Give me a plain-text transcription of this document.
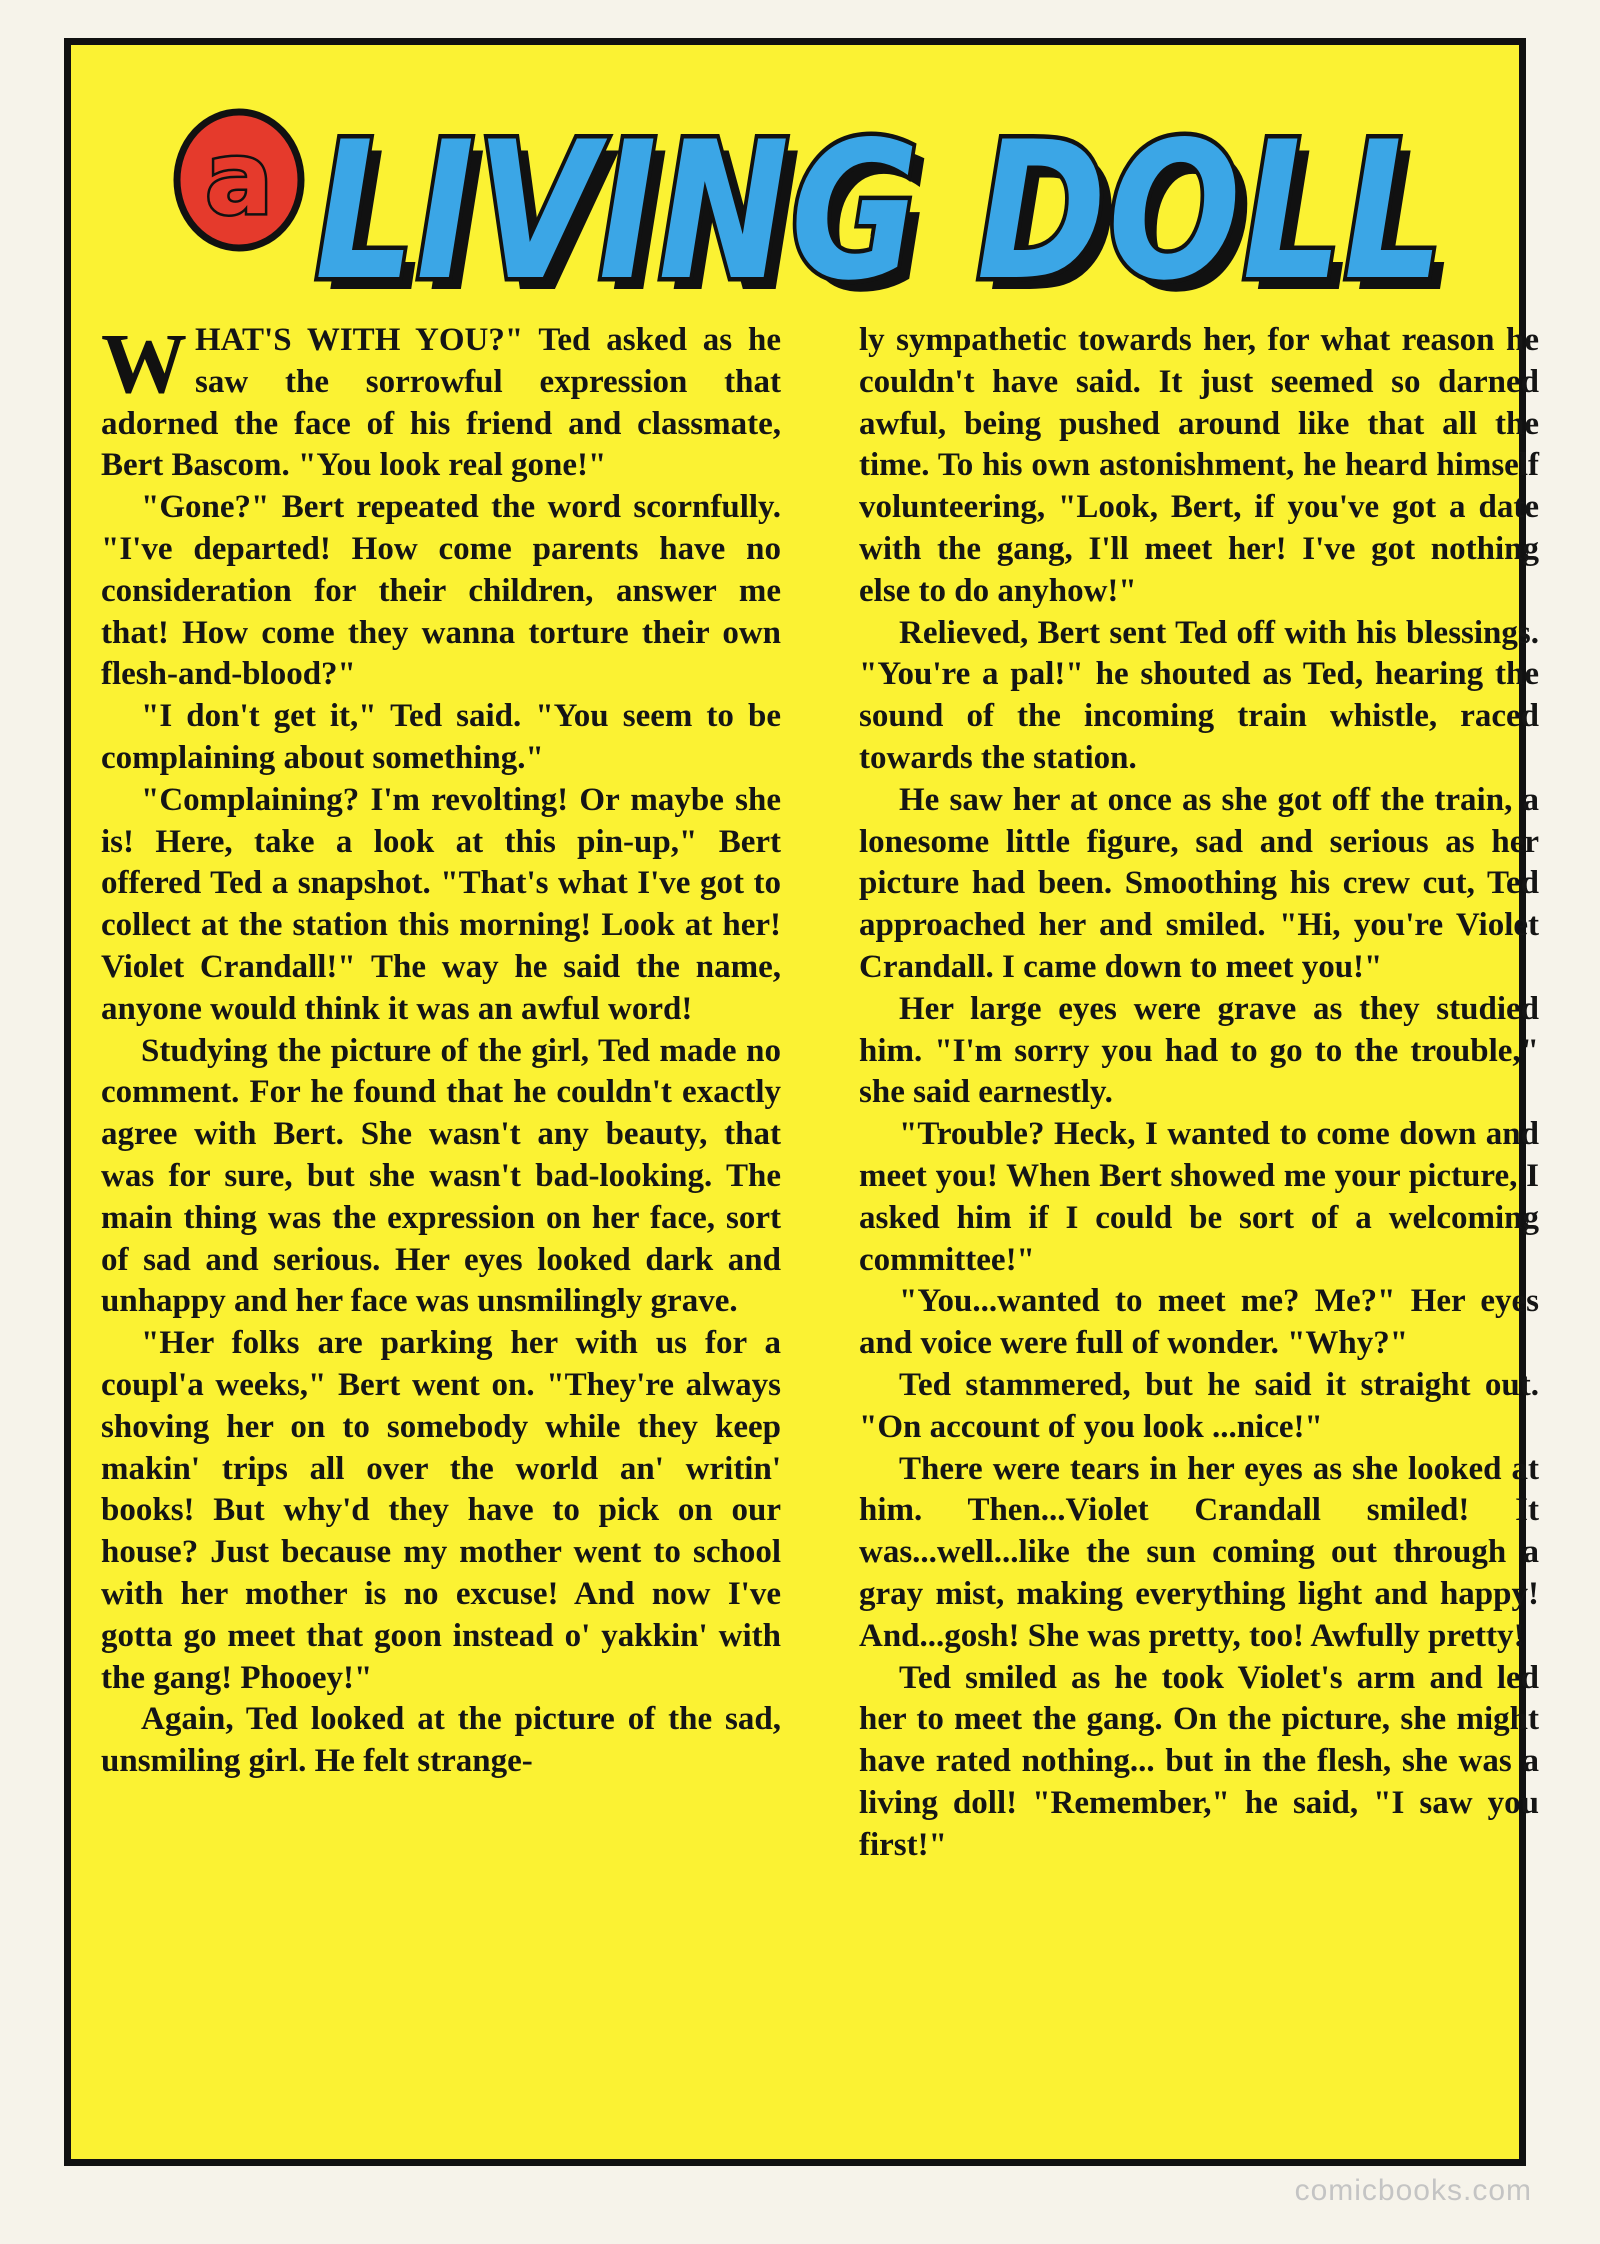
a LIVING DOLL
LIVING DOLL

WHAT'S WITH YOU?" Ted asked as he saw the sorrowful expression that adorned the face of his friend and classmate, Bert Bascom. "You look real gone!"

"Gone?" Bert repeated the word scornfully. "I've departed! How come parents have no consideration for their children, answer me that! How come they wanna torture their own flesh-and-blood?"

"I don't get it," Ted said. "You seem to be complaining about something."

"Complaining? I'm revolting! Or maybe she is! Here, take a look at this pin-up," Bert offered Ted a snapshot. "That's what I've got to collect at the station this morning! Look at her! Violet Crandall!" The way he said the name, anyone would think it was an awful word!

Studying the picture of the girl, Ted made no comment. For he found that he couldn't exactly agree with Bert. She wasn't any beauty, that was for sure, but she wasn't bad-looking. The main thing was the expression on her face, sort of sad and serious. Her eyes looked dark and unhappy and her face was unsmilingly grave.

"Her folks are parking her with us for a coupl'a weeks," Bert went on. "They're always shoving her on to somebody while they keep makin' trips all over the world an' writin' books! But why'd they have to pick on our house? Just because my mother went to school with her mother is no excuse! And now I've gotta go meet that goon instead o' yakkin' with the gang! Phooey!"

Again, Ted looked at the picture of the sad, unsmiling girl. He felt strange-

ly sympathetic towards her, for what reason he couldn't have said. It just seemed so darned awful, being pushed around like that all the time. To his own astonishment, he heard himself volunteering, "Look, Bert, if you've got a date with the gang, I'll meet her! I've got nothing else to do anyhow!"

Relieved, Bert sent Ted off with his blessings. "You're a pal!" he shouted as Ted, hearing the sound of the incoming train whistle, raced towards the station.

He saw her at once as she got off the train, a lonesome little figure, sad and serious as her picture had been. Smoothing his crew cut, Ted approached her and smiled. "Hi, you're Violet Crandall. I came down to meet you!"

Her large eyes were grave as they studied him. "I'm sorry you had to go to the trouble," she said earnestly.

"Trouble? Heck, I wanted to come down and meet you! When Bert showed me your picture, I asked him if I could be sort of a welcoming committee!"

"You...wanted to meet me? Me?" Her eyes and voice were full of wonder. "Why?"

Ted stammered, but he said it straight out. "On account of you look ...nice!"

There were tears in her eyes as she looked at him. Then...Violet Crandall smiled! It was...well...like the sun coming out through a gray mist, making everything light and happy! And...gosh! She was pretty, too! Awfully pretty!

Ted smiled as he took Violet's arm and led her to meet the gang. On the picture, she might have rated nothing... but in the flesh, she was a living doll! "Remember," he said, "I saw you first!"

comicbooks.com
